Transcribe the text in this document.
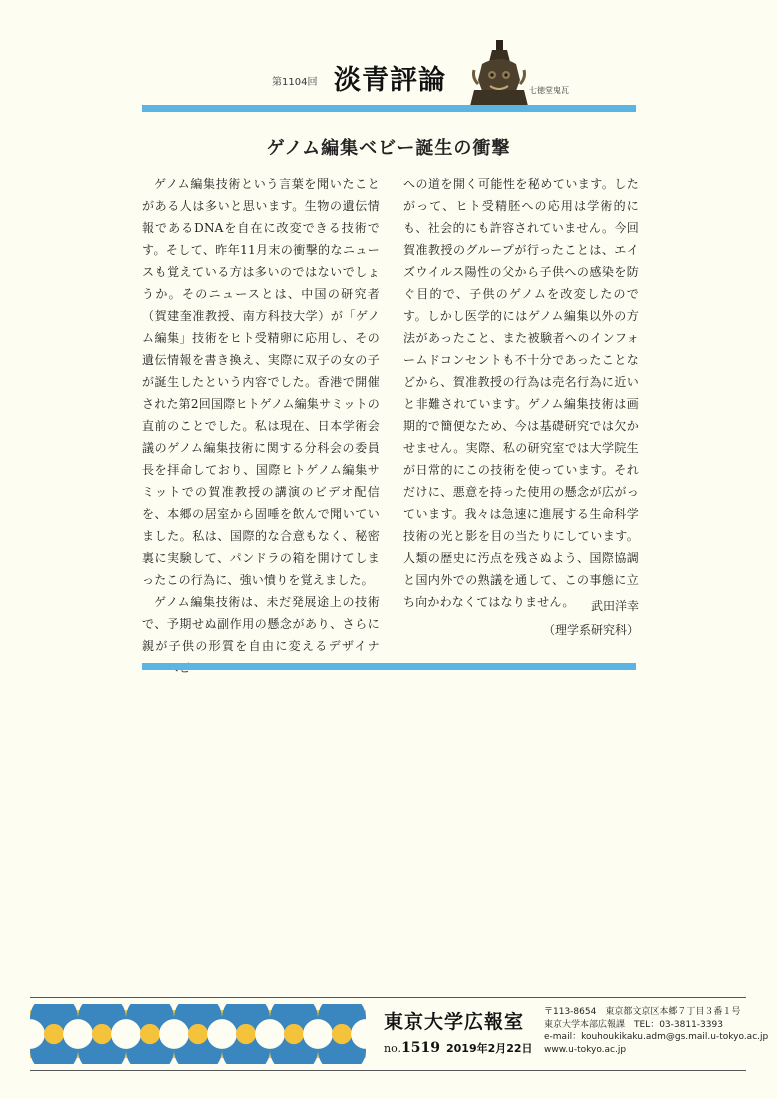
第1104回 淡青評論	七徳堂鬼瓦
ゲノム編集ベビー誕生の衝撃

ゲノム編集技術という言葉を聞いたことがある人は多いと思います。生物の遺伝情報であるDNAを自在に改変できる技術です。そして、昨年11月末の衝撃的なニュースも覚えている方は多いのではないでしょうか。そのニュースとは、中国の研究者（賀建奎准教授、南方科技大学）が「ゲノム編集」技術をヒト受精卵に応用し、その遺伝情報を書き換え、実際に双子の女の子が誕生したという内容でした。香港で開催された第2回国際ヒトゲノム編集サミットの直前のことでした。私は現在、日本学術会議のゲノム編集技術に関する分科会の委員長を拝命しており、国際ヒトゲノム編集サミットでの賀准教授の講演のビデオ配信を、本郷の居室から固唾を飲んで聞いていました。私は、国際的な合意もなく、秘密裏に実験して、パンドラの箱を開けてしまったこの行為に、強い憤りを覚えました。

ゲノム編集技術は、未だ発展途上の技術で、予期せぬ副作用の懸念があり、さらに親が子供の形質を自由に変えるデザイナ

への道を開く可能性を秘めています。したがって、ヒト受精胚への応用は学術的にも、社会的にも許容されていません。今回賀准教授のグループが行ったことは、エイズウイルス陽性の父から子供への感染を防ぐ目的で、子供のゲノムを改変したのです。しかし医学的にはゲノム編集以外の方法があったこと、また被験者へのインフォームドコンセントも不十分であったことなどから、賀准教授の行為は売名行為に近いと非難されています。ゲノム編集技術は画期的で簡便なため、今は基礎研究では欠かせません。実際、私の研究室では大学院生が日常的にこの技術を使っています。それだけに、悪意を持った使用の懸念が広がっています。我々は急速に進展する生命科学技術の光と影を目の当たりにしています。人類の歴史に汚点を残さぬよう、国際協調と国内外での熟議を通して、この事態に立ち向かわなくてはなりません。	武田洋幸
（理学系研究科）
東京大学広報室
no.1519 2019年2月22日
〒113-8654　東京都文京区本郷７丁目３番１号
東京大学本部広報課　TEL：03-3811-3393
e-mail：kouhoukikaku.adm@gs.mail.u-tokyo.ac.jp
www.u-tokyo.ac.jp
